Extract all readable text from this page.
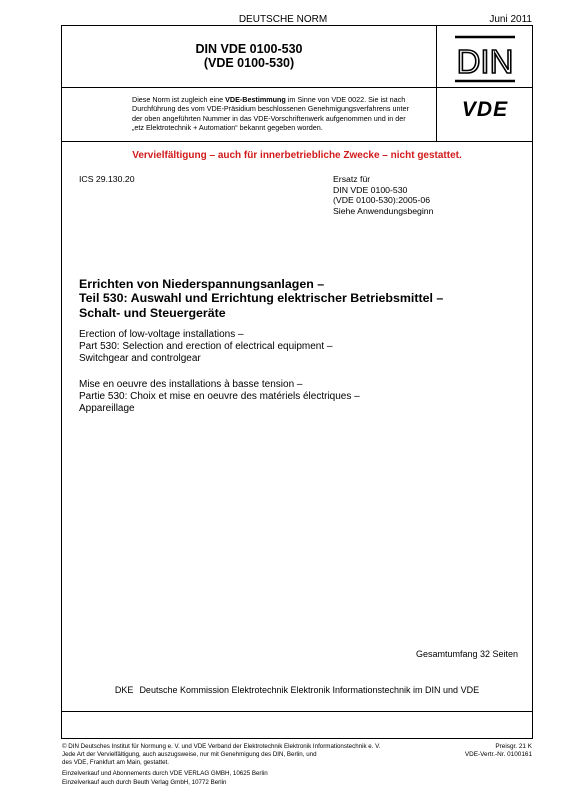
DEUTSCHE NORM	Juni 2011
DIN VDE 0100-530
(VDE 0100-530)	DIN
Diese Norm ist zugleich eine VDE-Bestimmung im Sinne von VDE 0022. Sie ist nach
Durchführung des vom VDE-Präsidium beschlossenen Genehmigungsverfahrens unter
der oben angeführten Nummer in das VDE-Vorschriftenwerk aufgenommen und in der
„etz Elektrotechnik + Automation“ bekannt gegeben worden.
VDE
Vervielfältigung – auch für innerbetriebliche Zwecke – nicht gestattet.
ICS 29.130.20	Ersatz für
DIN VDE 0100-530
(VDE 0100-530):2005-06
Siehe Anwendungsbeginn
Errichten von Niederspannungsanlagen –
Teil 530: Auswahl und Errichtung elektrischer Betriebsmittel –
Schalt- und Steuergeräte
Erection of low-voltage installations –
Part 530: Selection and erection of electrical equipment –
Switchgear and controlgear
Mise en oeuvre des installations à basse tension –
Partie 530: Choix et mise en oeuvre des matériels électriques –
Appareillage
Gesamtumfang 32 Seiten
DKE Deutsche Kommission Elektrotechnik Elektronik Informationstechnik im DIN und VDE
© DIN Deutsches Institut für Normung e. V. und VDE Verband der Elektrotechnik Elektronik Informationstechnik e. V.
Jede Art der Vervielfältigung, auch auszugsweise, nur mit Genehmigung des DIN, Berlin, und
des VDE, Frankfurt am Main, gestattet.
Preisgr. 21 K
VDE-Vertr.-Nr. 0100161
Einzelverkauf und Abonnements durch VDE VERLAG GMBH, 10625 Berlin
Einzelverkauf auch durch Beuth Verlag GmbH, 10772 Berlin
